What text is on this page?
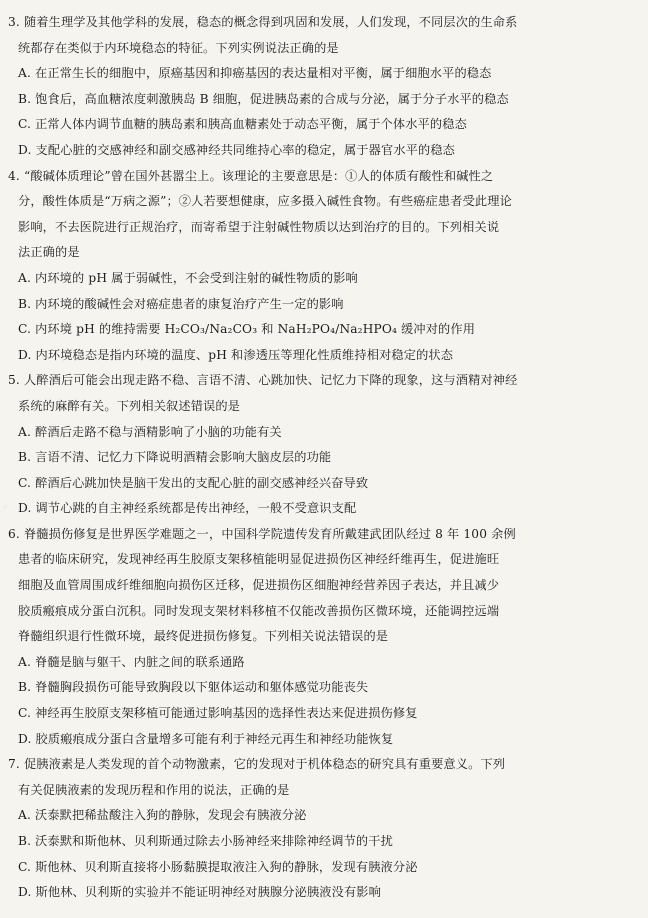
◦
3. 随着生理学及其他学科的发展，稳态的概念得到巩固和发展，人们发现，不同层次的生命系
统都存在类似于内环境稳态的特征。下列实例说法正确的是
A. 在正常生长的细胞中，原癌基因和抑癌基因的表达量相对平衡，属于细胞水平的稳态
B. 饱食后，高血糖浓度刺激胰岛 B 细胞，促进胰岛素的合成与分泌，属于分子水平的稳态
C. 正常人体内调节血糖的胰岛素和胰高血糖素处于动态平衡，属于个体水平的稳态
D. 支配心脏的交感神经和副交感神经共同维持心率的稳定，属于器官水平的稳态
4. “酸碱体质理论”曾在国外甚嚣尘上。该理论的主要意思是：①人的体质有酸性和碱性之
分，酸性体质是“万病之源”；②人若要想健康，应多摄入碱性食物。有些癌症患者受此理论
影响，不去医院进行正规治疗，而寄希望于注射碱性物质以达到治疗的目的。下列相关说
法正确的是
A. 内环境的 pH 属于弱碱性，不会受到注射的碱性物质的影响
B. 内环境的酸碱性会对癌症患者的康复治疗产生一定的影响
C. 内环境 pH 的维持需要 H₂CO₃/Na₂CO₃ 和 NaH₂PO₄/Na₂HPO₄ 缓冲对的作用
D. 内环境稳态是指内环境的温度、pH 和渗透压等理化性质维持相对稳定的状态
5. 人醉酒后可能会出现走路不稳、言语不清、心跳加快、记忆力下降的现象，这与酒精对神经
系统的麻醉有关。下列相关叙述错误的是
A. 醉酒后走路不稳与酒精影响了小脑的功能有关
B. 言语不清、记忆力下降说明酒精会影响大脑皮层的功能
C. 醉酒后心跳加快是脑干发出的支配心脏的副交感神经兴奋导致
D. 调节心跳的自主神经系统都是传出神经，一般不受意识支配
6. 脊髓损伤修复是世界医学难题之一，中国科学院遗传发育所戴建武团队经过 8 年 100 余例
患者的临床研究，发现神经再生胶原支架移植能明显促进损伤区神经纤维再生，促进施旺
细胞及血管周围成纤维细胞向损伤区迁移，促进损伤区细胞神经营养因子表达，并且减少
胶质瘢痕成分蛋白沉积。同时发现支架材料移植不仅能改善损伤区微环境，还能调控远端
脊髓组织退行性微环境，最终促进损伤修复。下列相关说法错误的是
A. 脊髓是脑与躯干、内脏之间的联系通路
B. 脊髓胸段损伤可能导致胸段以下躯体运动和躯体感觉功能丧失
C. 神经再生胶原支架移植可能通过影响基因的选择性表达来促进损伤修复
D. 胶质瘢痕成分蛋白含量增多可能有利于神经元再生和神经功能恢复
7. 促胰液素是人类发现的首个动物激素，它的发现对于机体稳态的研究具有重要意义。下列
有关促胰液素的发现历程和作用的说法，正确的是
A. 沃泰默把稀盐酸注入狗的静脉，发现会有胰液分泌
B. 沃泰默和斯他林、贝利斯通过除去小肠神经来排除神经调节的干扰
C. 斯他林、贝利斯直接将小肠黏膜提取液注入狗的静脉，发现有胰液分泌
D. 斯他林、贝利斯的实验并不能证明神经对胰腺分泌胰液没有影响
